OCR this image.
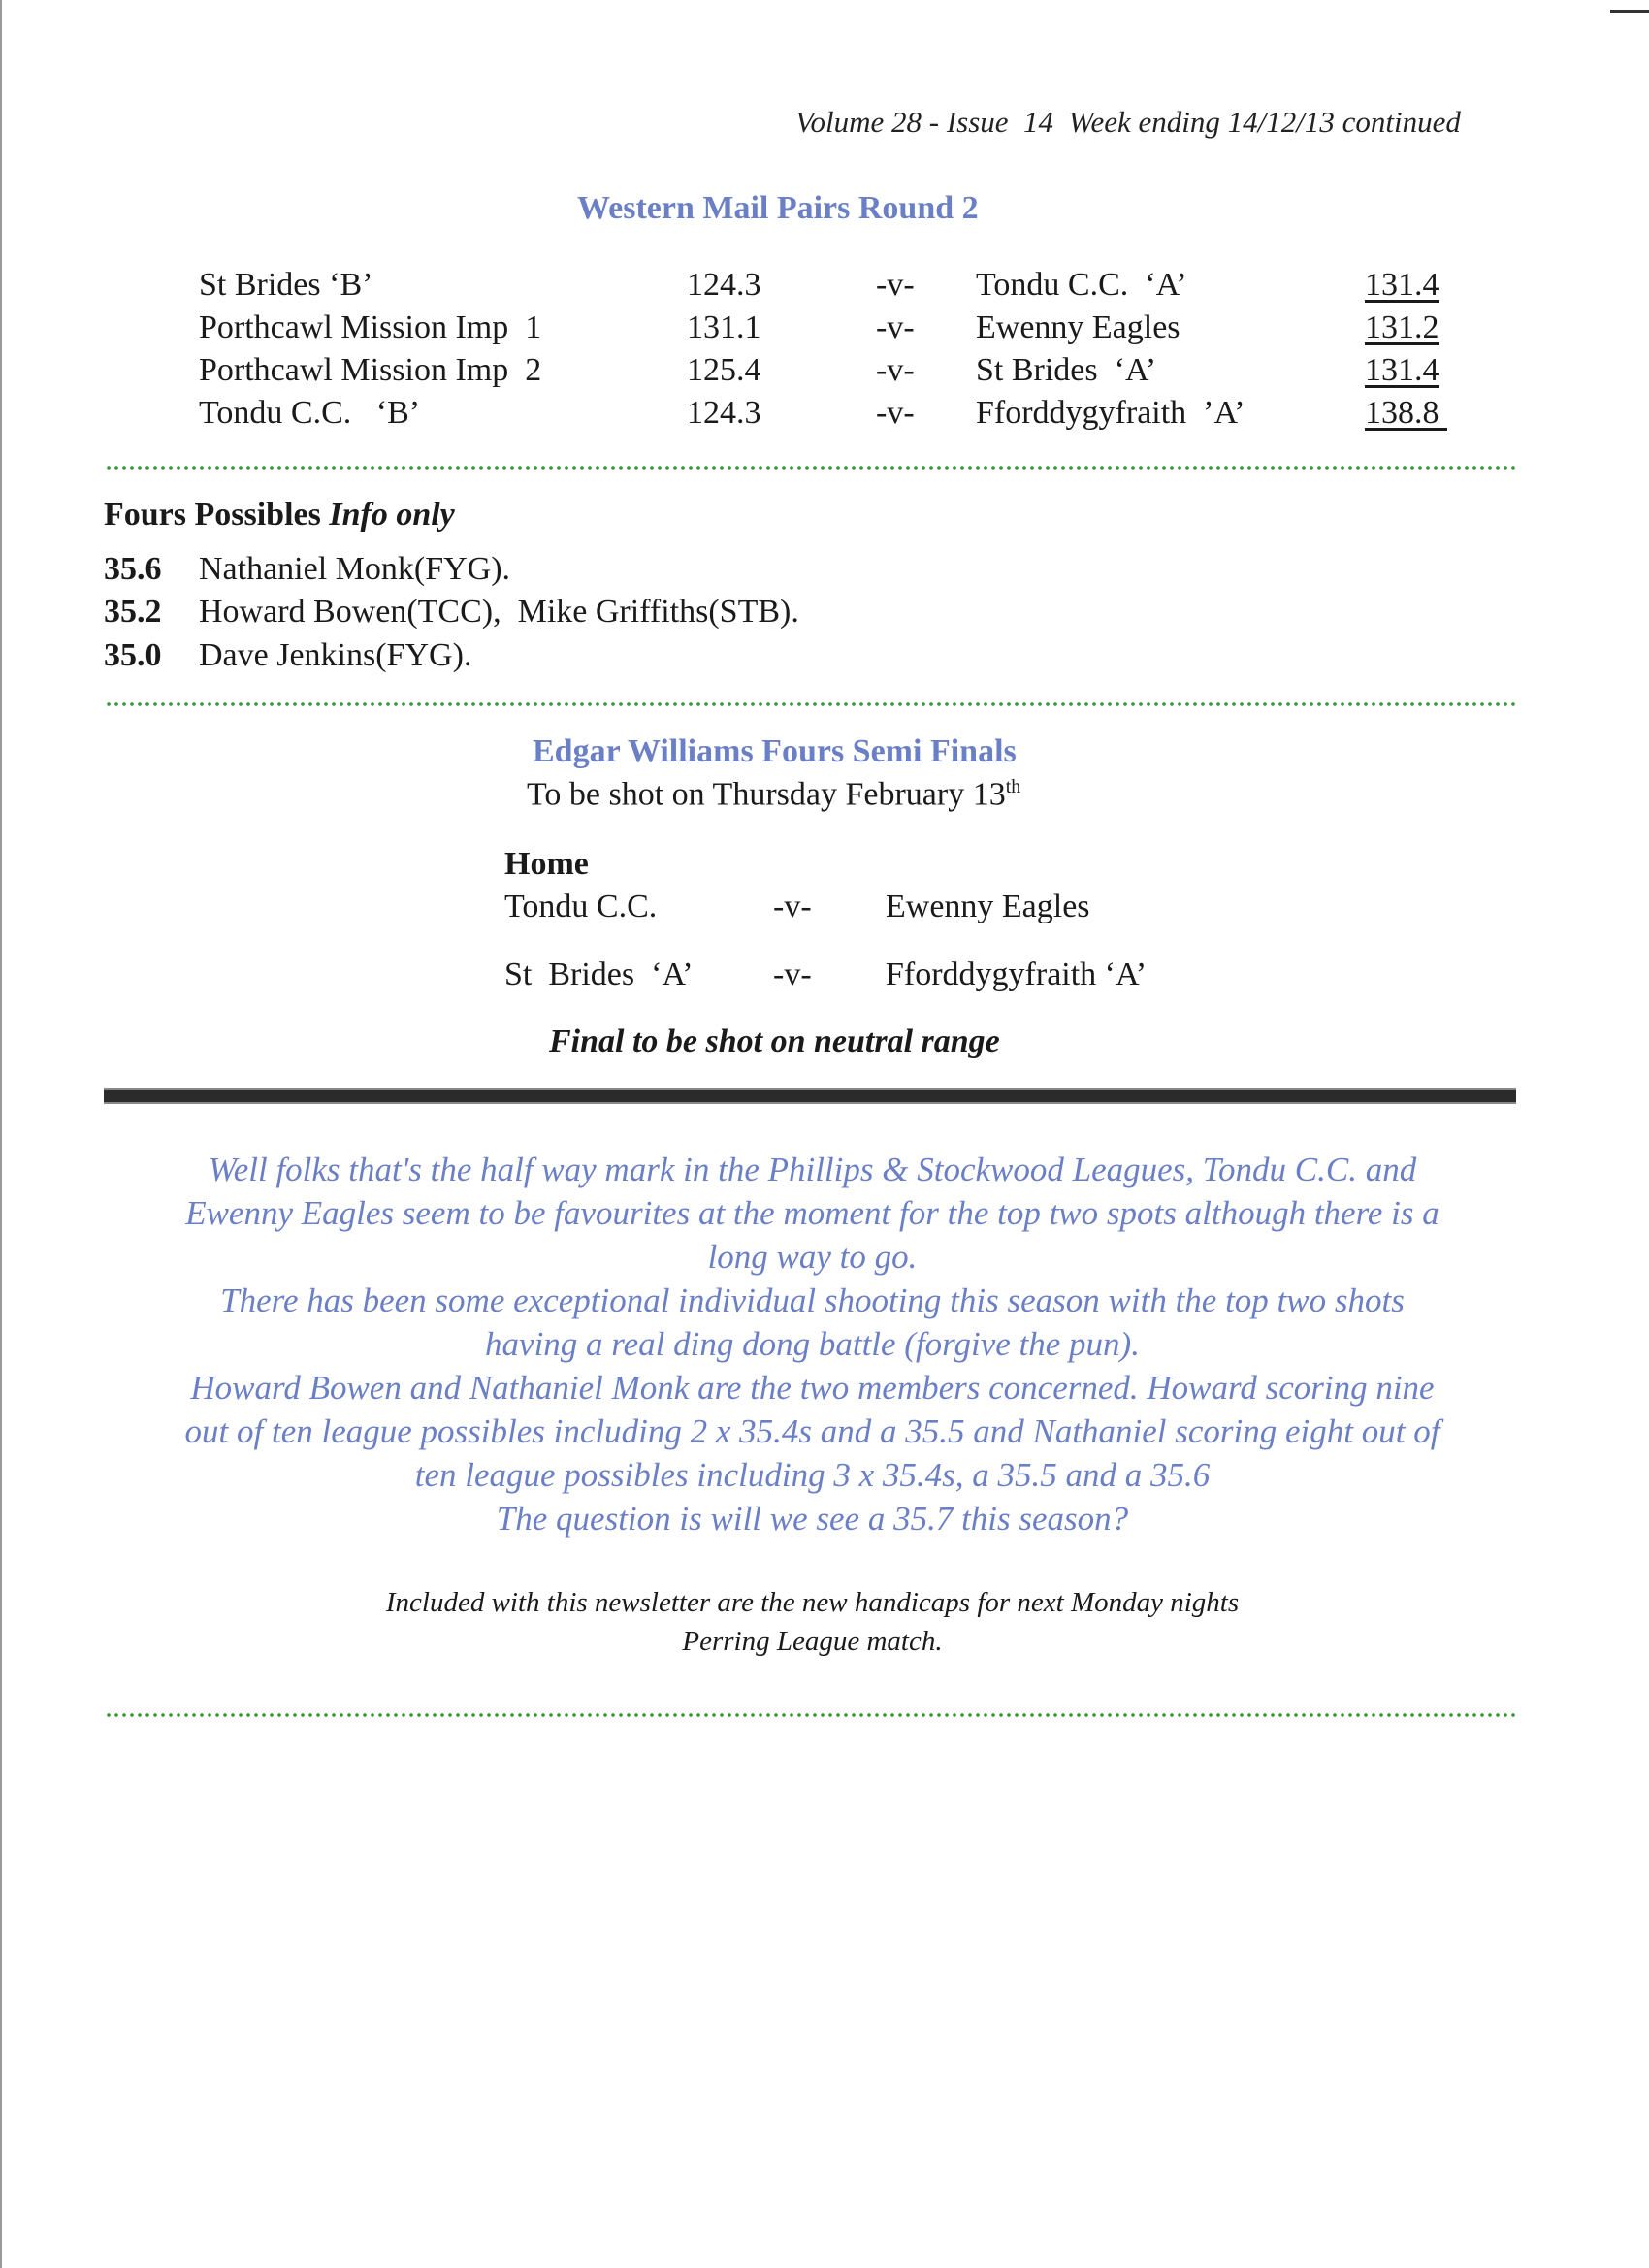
Volume 28 - Issue  14  Week ending 14/12/13 continued
Western Mail Pairs Round 2
St Brides ‘B’	124.3	-v- Tondu C.C.  ‘A’	131.4
Porthcawl Mission Imp  1	131.1	-v- Ewenny Eagles	131.2
Porthcawl Mission Imp  2	125.4	-v- St Brides  ‘A’	131.4
Tondu C.C.   ‘B’	124.3	-v- Fforddygyfraith  ’A’	138.8
Fours Possibles Info only
35.6 Nathaniel Monk(FYG).
35.2 Howard Bowen(TCC),  Mike Griffiths(STB).
35.0 Dave Jenkins(FYG).
Edgar Williams Fours Semi Finals
To be shot on Thursday February 13th
Home
Tondu C.C.	-v- Ewenny Eagles
St  Brides  ‘A’ -v- Fforddygyfraith ‘A’
Final to be shot on neutral range

Well folks that's the half way mark in the Phillips & Stockwood Leagues, Tondu C.C. and

Ewenny Eagles seem to be favourites at the moment for the top two spots although there is a

long way to go.

There has been some exceptional individual shooting this season with the top two shots

having a real ding dong battle (forgive the pun).

Howard Bowen and Nathaniel Monk are the two members concerned. Howard scoring nine

out of ten league possibles including 2 x 35.4s and a 35.5 and Nathaniel scoring eight out of

ten league possibles including 3 x 35.4s, a 35.5 and a 35.6

The question is will we see a 35.7 this season?

Included with this newsletter are the new handicaps for next Monday nights

Perring League match.
